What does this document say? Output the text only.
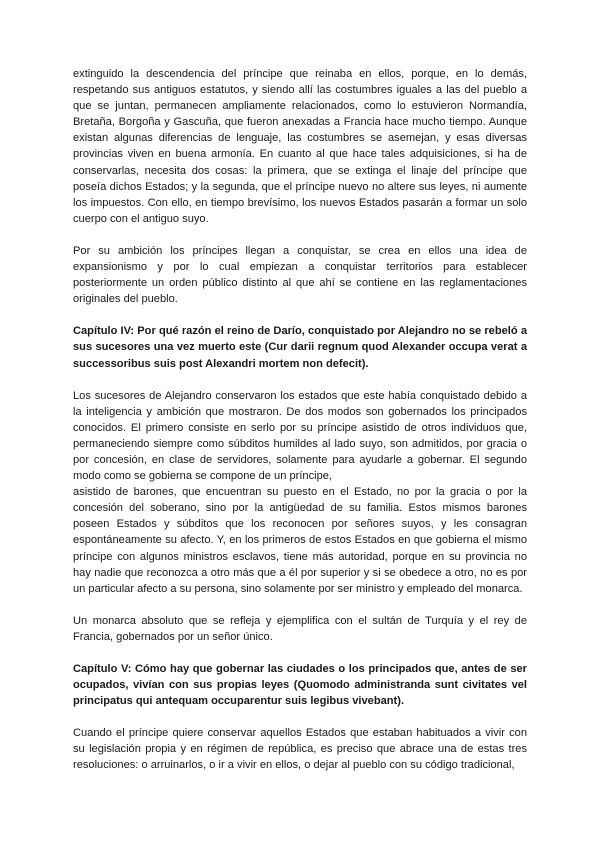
extinguido la descendencia del príncipe que reinaba en ellos, porque, en lo demás, respetando sus antiguos estatutos, y siendo allí las costumbres iguales a las del pueblo a que se juntan, permanecen ampliamente relacionados, como lo estuvieron Normandía, Bretaña, Borgoña y Gascuña, que fueron anexadas a Francia hace mucho tiempo. Aunque existan algunas diferencias de lenguaje, las costumbres se asemejan, y esas diversas provincias viven en buena armonía. En cuanto al que hace tales adquisiciones, si ha de conservarlas, necesita dos cosas: la primera, que se extinga el linaje del príncipe que poseía dichos Estados; y la segunda, que el príncipe nuevo no altere sus leyes, ni aumente los impuestos. Con ello, en tiempo brevísimo, los nuevos Estados pasarán a formar un solo cuerpo con el antiguo suyo.

Por su ambición los príncipes llegan a conquistar, se crea en ellos una idea de expansionismo y por lo cual empiezan a conquistar territorios para establecer posteriormente un orden público distinto al que ahí se contiene en las reglamentaciones originales del pueblo.

Capítulo IV: Por qué razón el reino de Darío, conquistado por Alejandro no se rebeló a sus sucesores una vez muerto este (Cur darii regnum quod Alexander occupa verat a successoribus suis post Alexandri mortem non defecit).

Los sucesores de Alejandro conservaron los estados que este había conquistado debido a la inteligencia y ambición que mostraron. De dos modos son gobernados los principados conocidos. El primero consiste en serlo por su príncipe asistido de otros individuos que, permaneciendo siempre como súbditos humildes al lado suyo, son admitidos, por gracia o por concesión, en clase de servidores, solamente para ayudarle a gobernar. El segundo modo como se gobierna se compone de un príncipe,

asistido de barones, que encuentran su puesto en el Estado, no por la gracia o por la concesión del soberano, sino por la antigüedad de su familia. Estos mismos barones poseen Estados y súbditos que los reconocen por señores suyos, y les consagran espontáneamente su afecto. Y, en los primeros de estos Estados en que gobierna el mismo príncipe con algunos ministros esclavos, tiene más autoridad, porque en su provincia no hay nadie que reconozca a otro más que a él por superior y si se obedece a otro, no es por un particular afecto a su persona, sino solamente por ser ministro y empleado del monarca.

Un monarca absoluto que se refleja y ejemplifica con el sultán de Turquía y el rey de Francia, gobernados por un señor único.

Capítulo V: Cómo hay que gobernar las ciudades o los principados que, antes de ser ocupados, vivían con sus propias leyes (Quomodo administranda sunt civitates vel principatus qui antequam occuparentur suis legibus vivebant).

Cuando el príncipe quiere conservar aquellos Estados que estaban habituados a vivir con su legislación propia y en régimen de república, es preciso que abrace una de estas tres resoluciones: o arruinarlos, o ir a vivir en ellos, o dejar al pueblo con su código tradicional,
